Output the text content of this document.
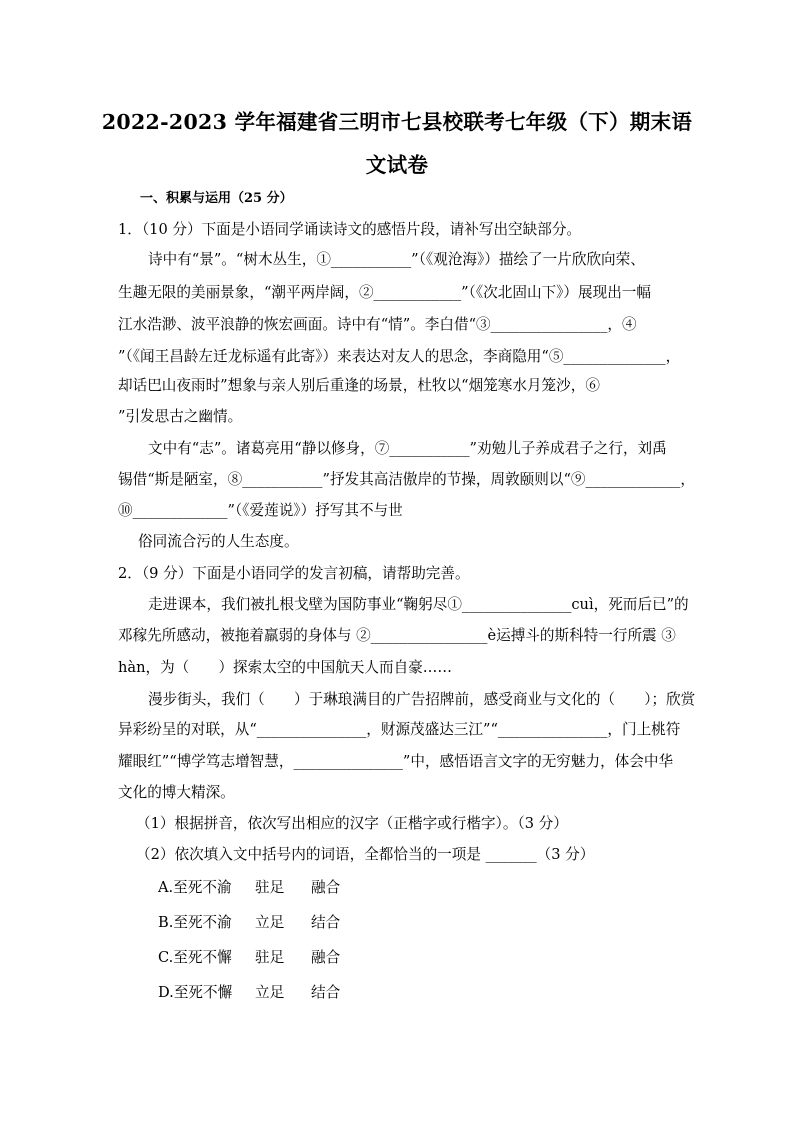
2022-2023 学年福建省三明市七县校联考七年级（下）期末语
文试卷
一、积累与运用（25 分）
1．（10 分）下面是小语同学诵读诗文的感悟片段，请补写出空缺部分。
诗中有“景”。“树木丛生，①___________”（《观沧海》）描绘了一片欣欣向荣、
生趣无限的美丽景象，“潮平两岸阔，②____________”（《次北固山下》）展现出一幅
江水浩渺、波平浪静的恢宏画面。诗中有“情”。李白借“③________________，④
”（《闻王昌龄左迁龙标遥有此寄》）来表达对友人的思念，李商隐用“⑤______________，
却话巴山夜雨时”想象与亲人别后重逢的场景，杜牧以“烟笼寒水月笼沙，⑥
”引发思古之幽情。
文中有“志”。诸葛亮用“静以修身，⑦___________”劝勉儿子养成君子之行，刘禹
锡借“斯是陋室，⑧___________”抒发其高洁傲岸的节操，周敦颐则以“⑨_____________，
⑩_____________”（《爱莲说》）抒写其不与世
俗同流合污的人生态度。
2．（9 分）下面是小语同学的发言初稿，请帮助完善。
走进课本，我们被扎根戈壁为国防事业“鞠躬尽①_______________cuì，死而后已”的
邓稼先所感动，被拖着羸弱的身体与 ②________________è运搏斗的斯科特一行所震 ③
hàn，为（　　）探索太空的中国航天人而自豪……
漫步街头，我们（　　）于琳琅满目的广告招牌前，感受商业与文化的（　　）；欣赏
异彩纷呈的对联，从“_______________，财源茂盛达三江”“_______________，门上桃符
耀眼红”“博学笃志增智慧，_______________”中，感悟语言文字的无穷魅力，体会中华
文化的博大精深。
（1）根据拼音，依次写出相应的汉字（正楷字或行楷字）。（3 分）
（2）依次填入文中括号内的词语，全都恰当的一项是 _______（3 分）
A.至死不渝 驻足 融合
B.至死不渝 立足 结合
C.至死不懈 驻足 融合
D.至死不懈 立足 结合
